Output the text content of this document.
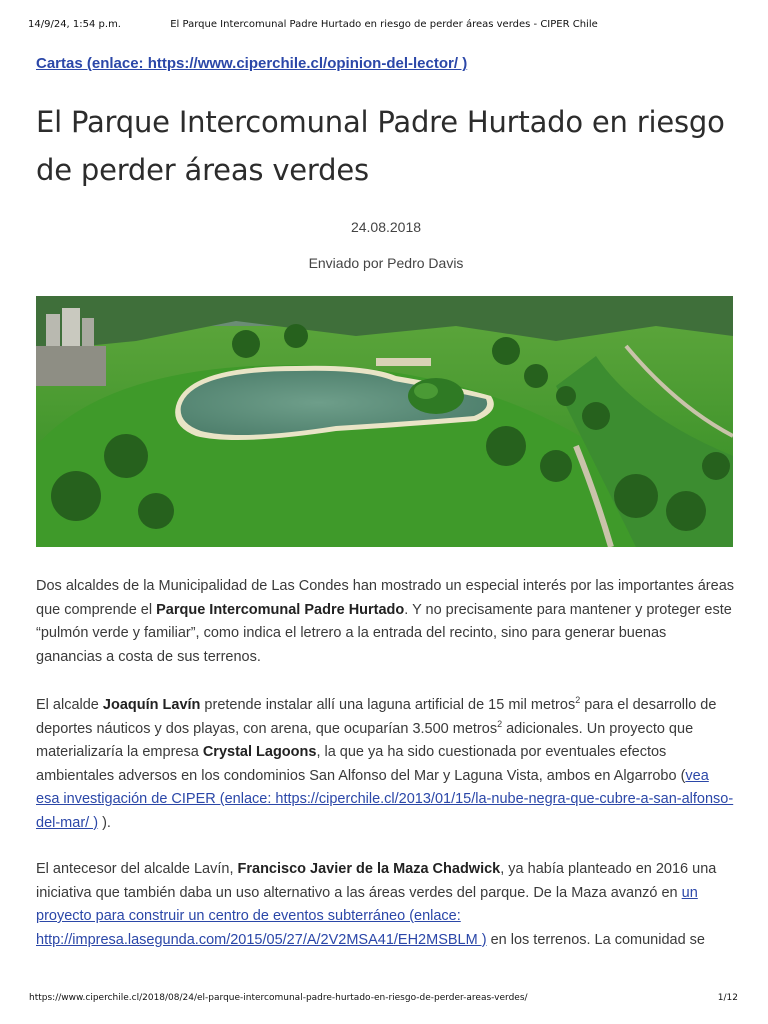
14/9/24, 1:54 p.m.	El Parque Intercomunal Padre Hurtado en riesgo de perder áreas verdes - CIPER Chile
Cartas (enlace: https://www.ciperchile.cl/opinion-del-lector/ )
El Parque Intercomunal Padre Hurtado en riesgo de perder áreas verdes
24.08.2018
Enviado por Pedro Davis

Dos alcaldes de la Municipalidad de Las Condes han mostrado un especial interés por las importantes áreas que comprende el Parque Intercomunal Padre Hurtado. Y no precisamente para mantener y proteger este “pulmón verde y familiar”, como indica el letrero a la entrada del recinto, sino para generar buenas ganancias a costa de sus terrenos.

El alcalde Joaquín Lavín pretende instalar allí una laguna artificial de 15 mil metros$^2$ para el desarrollo de deportes náuticos y dos playas, con arena, que ocuparían 3.500 metros$^2$ adicionales. Un proyecto que materializaría la empresa Crystal Lagoons, la que ya ha sido cuestionada por eventuales efectos ambientales adversos en los condominios San Alfonso del Mar y Laguna Vista, ambos en Algarrobo (vea esa investigación de CIPER (enlace: https://ciperchile.cl/2013/01/15/la-nube-negra-que-cubre-a-san-alfonso-del-mar/ ) ).

El antecesor del alcalde Lavín, Francisco Javier de la Maza Chadwick, ya había planteado en 2016 una iniciativa que también daba un uso alternativo a las áreas verdes del parque. De la Maza avanzó en un proyecto para construir un centro de eventos subterráneo (enlace: http://impresa.lasegunda.com/2015/05/27/A/2V2MSA41/EH2MSBLM ) en los terrenos. La comunidad se

https://www.ciperchile.cl/2018/08/24/el-parque-intercomunal-padre-hurtado-en-riesgo-de-perder-areas-verdes/	1/12
